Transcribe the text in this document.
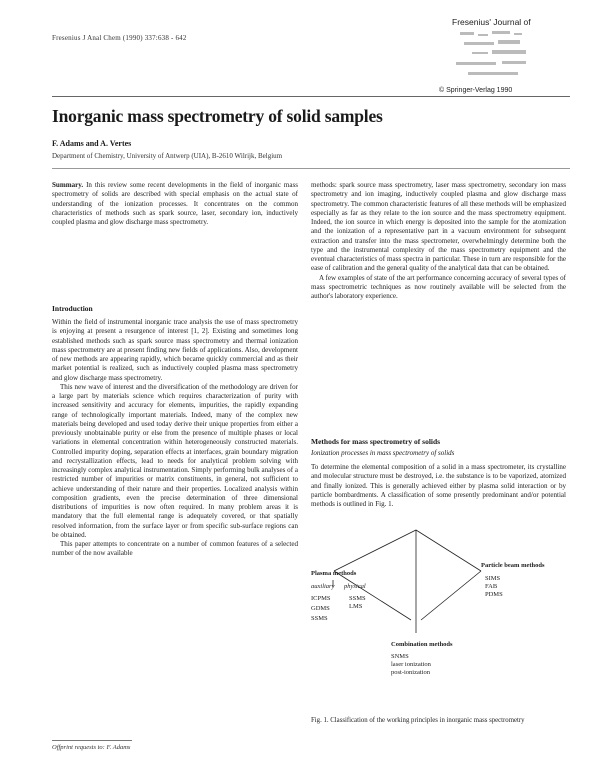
Fresenius J Anal Chem (1990) 337:638 - 642
Fresenius' Journal of
© Springer-Verlag 1990
Inorganic mass spectrometry of solid samples
F. Adams and A. Vertes
Department of Chemistry, University of Antwerp (UIA), B-2610 Wilrijk, Belgium

Summary. In this review some recent developments in the field of inorganic mass spectrometry of solids are described with special emphasis on the actual state of understanding of the ionization processes. It concentrates on the common characteristics of methods such as spark source, laser, secondary ion, inductively coupled plasma and glow discharge mass spectrometry.

Introduction

Within the field of instrumental inorganic trace analysis the use of mass spectrometry is enjoying at present a resurgence of interest [1, 2]. Existing and sometimes long established methods such as spark source mass spectrometry and thermal ionization mass spectrometry are at present finding new fields of applications. Also, development of new methods are appearing rapidly, which became quickly commercial and as their market potential is realized, such as inductively coupled plasma mass spectrometry and glow discharge mass spectrometry.

This new wave of interest and the diversification of the methodology are driven for a large part by materials science which requires characterization of purity with increased sensitivity and accuracy for elements, impurities, the rapidly expanding range of technologically important materials. Indeed, many of the complex new materials being developed and used today derive their unique properties from either a previously unobtainable purity or else from the presence of multiple phases or local variations in elemental concentration within heterogeneously constructed materials. Controlled impurity doping, separation effects at interfaces, grain boundary migration and recrystallization effects, lead to needs for analytical problem solving with increasingly complex analytical instrumentation. Simply performing bulk analyses of a restricted number of impurities or matrix constituents, in general, not sufficient to achieve understanding of their nature and their properties. Localized analysis within composition gradients, even the precise determination of three dimensional distributions of impurities is now often required. In many problem areas it is mandatory that the full elemental range is adequately covered, or that spatially resolved information, from the surface layer or from specific sub-surface regions can be obtained.

This paper attempts to concentrate on a number of common features of a selected number of the now available

methods: spark source mass spectrometry, laser mass spectrometry, secondary ion mass spectrometry and ion imaging, inductively coupled plasma and glow discharge mass spectrometry. The common characteristic features of all these methods will be emphasized especially as far as they relate to the ion source and the mass spectrometry equipment. Indeed, the ion source in which energy is deposited into the sample for the atomization and the ionization of a representative part in a vacuum environment for subsequent extraction and transfer into the mass spectrometer, overwhelmingly determine both the type and the instrumental complexity of the mass spectrometry equipment and the eventual characteristics of mass spectra in particular. These in turn are responsible for the ease of calibration and the general quality of the analytical data that can be obtained.

A few examples of state of the art performance concerning accuracy of several types of mass spectrometric techniques as now routinely available will be selected from the author's laboratory experience.

Methods for mass spectrometry of solids
Ionization processes in mass spectrometry of solids

To determine the elemental composition of a solid in a mass spectrometer, its crystalline and molecular structure must be destroyed, i.e. the substance is to be vaporized, atomized and finally ionized. This is generally achieved either by plasma solid interaction or by particle bombardments. A classification of some presently predominant and/or potential methods is outlined in Fig. 1.

Plasma methods
Particle beam methods
Combination methods
auxiliary physical
ICPMS
GDMS
SSMS
SSMS
LMS
SIMS
FAB
PDMS
SNMS
laser ionization
post-ionization
Fig. 1. Classification of the working principles in inorganic mass spectrometry
Offprint requests to: F. Adams
